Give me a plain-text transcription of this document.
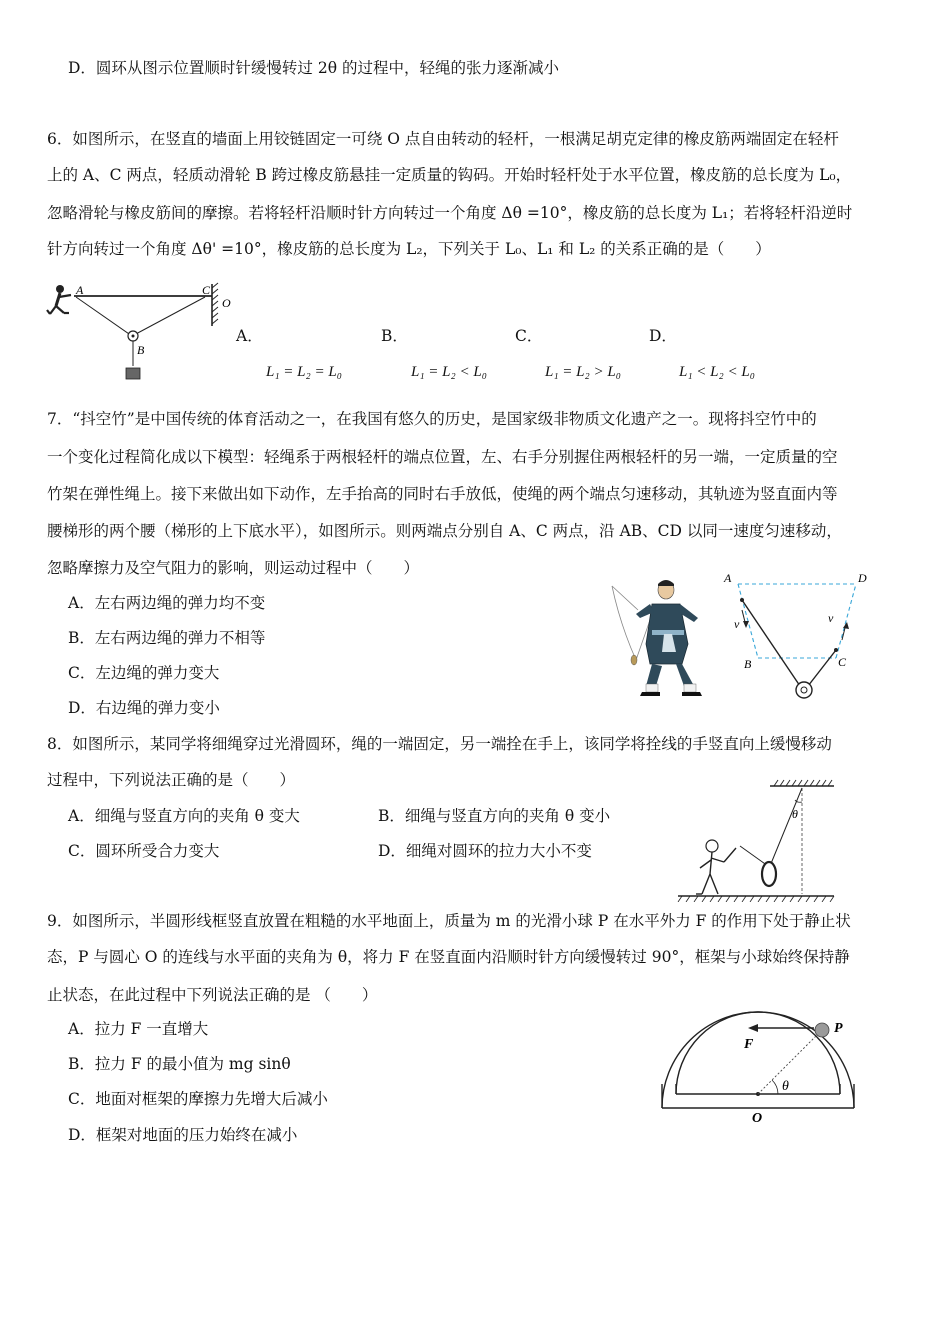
D．圆环从图示位置顺时针缓慢转过 2θ 的过程中，轻绳的张力逐渐减小
6．如图所示，在竖直的墙面上用铰链固定一可绕 O 点自由转动的轻杆，一根满足胡克定律的橡皮筋两端固定在轻杆
上的 A、C 两点，轻质动滑轮 B 跨过橡皮筋悬挂一定质量的钩码。开始时轻杆处于水平位置，橡皮筋的总长度为 L₀，
忽略滑轮与橡皮筋间的摩擦。若将轻杆沿顺时针方向转过一个角度 Δθ =10°，橡皮筋的总长度为 L₁；若将轻杆沿逆时
针方向转过一个角度 Δθ' =10°，橡皮筋的总长度为 L₂，下列关于 L₀、L₁ 和 L₂ 的关系正确的是（　　）
A	C
O
B
A．	B．	C．	D．
L₁ = L₂ = L₀	L₁ = L₂ < L₀	L₁ = L₂ > L₀	L₁ < L₂ < L₀
7．“抖空竹”是中国传统的体育活动之一，在我国有悠久的历史，是国家级非物质文化遗产之一。现将抖空竹中的
一个变化过程简化成以下模型：轻绳系于两根轻杆的端点位置，左、右手分别握住两根轻杆的另一端，一定质量的空
竹架在弹性绳上。接下来做出如下动作，左手抬高的同时右手放低，使绳的两个端点匀速移动，其轨迹为竖直面内等
腰梯形的两个腰（梯形的上下底水平），如图所示。则两端点分别自 A、C 两点，沿 AB、CD 以同一速度匀速移动，
忽略摩擦力及空气阻力的影响，则运动过程中（　　）
A．左右两边绳的弹力均不变
B．左右两边绳的弹力不相等
C．左边绳的弹力变大
D．右边绳的弹力变小
A	D
B	C
v	v
8．如图所示，某同学将细绳穿过光滑圆环，绳的一端固定，另一端拴在手上，该同学将拴线的手竖直向上缓慢移动
过程中，下列说法正确的是（　　）
A．细绳与竖直方向的夹角 θ 变大	B．细绳与竖直方向的夹角 θ 变小
C．圆环所受合力变大	D．细绳对圆环的拉力大小不变
θ
9．如图所示，半圆形线框竖直放置在粗糙的水平地面上，质量为 m 的光滑小球 P 在水平外力 F 的作用下处于静止状
态，P 与圆心 O 的连线与水平面的夹角为 θ，将力 F 在竖直面内沿顺时针方向缓慢转过 90°，框架与小球始终保持静
止状态，在此过程中下列说法正确的是 （　　）
A．拉力 F 一直增大
B．拉力 F 的最小值为 mg sinθ
C．地面对框架的摩擦力先增大后减小
D．框架对地面的压力始终在减小
P
F
O
θ
